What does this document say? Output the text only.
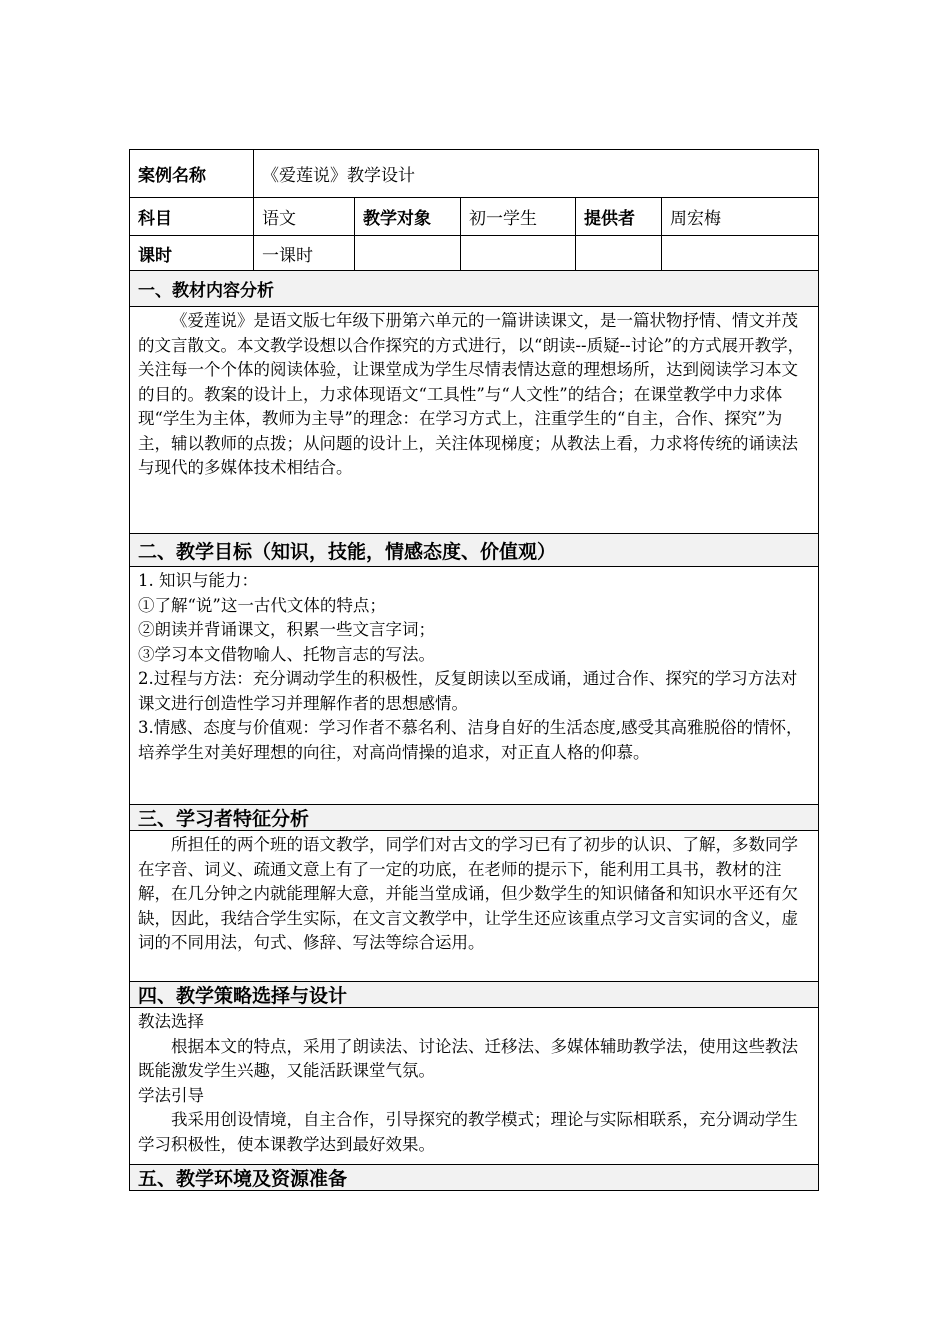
案例名称	《爱莲说》教学设计
科目	语文	教学对象	初一学生	提供者	周宏梅
课时	一课时
一、教材内容分析

《爱莲说》是语文版七年级下册第六单元的一篇讲读课文，是一篇状物抒情、情文并茂的文言散文。本文教学设想以合作探究的方式进行，以“朗读--质疑--讨论”的方式展开教学，关注每一个个体的阅读体验，让课堂成为学生尽情表情达意的理想场所，达到阅读学习本文的目的。教案的设计上，力求体现语文“工具性”与“人文性”的结合；在课堂教学中力求体现“学生为主体，教师为主导”的理念：在学习方式上，注重学生的“自主，合作、探究”为主，辅以教师的点拨；从问题的设计上，关注体现梯度；从教法上看，力求将传统的诵读法与现代的多媒体技术相结合。

二、教学目标（知识，技能，情感态度、价值观）

1. 知识与能力：

①了解“说”这一古代文体的特点；

②朗读并背诵课文，积累一些文言字词；

③学习本文借物喻人、托物言志的写法。

2.过程与方法：充分调动学生的积极性，反复朗读以至成诵，通过合作、探究的学习方法对课文进行创造性学习并理解作者的思想感情。

3.情感、态度与价值观：学习作者不慕名利、洁身自好的生活态度,感受其高雅脱俗的情怀，培养学生对美好理想的向往，对高尚情操的追求，对正直人格的仰慕。

三、学习者特征分析

所担任的两个班的语文教学，同学们对古文的学习已有了初步的认识、了解，多数同学在字音、词义、疏通文意上有了一定的功底，在老师的提示下，能利用工具书，教材的注解，在几分钟之内就能理解大意，并能当堂成诵，但少数学生的知识储备和知识水平还有欠缺，因此，我结合学生实际，在文言文教学中，让学生还应该重点学习文言实词的含义，虚词的不同用法，句式、修辞、写法等综合运用。

四、教学策略选择与设计

教法选择

根据本文的特点，采用了朗读法、讨论法、迁移法、多媒体辅助教学法，使用这些教法既能激发学生兴趣，又能活跃课堂气氛。

学法引导

我采用创设情境，自主合作，引导探究的教学模式；理论与实际相联系，充分调动学生学习积极性，使本课教学达到最好效果。

五、教学环境及资源准备
